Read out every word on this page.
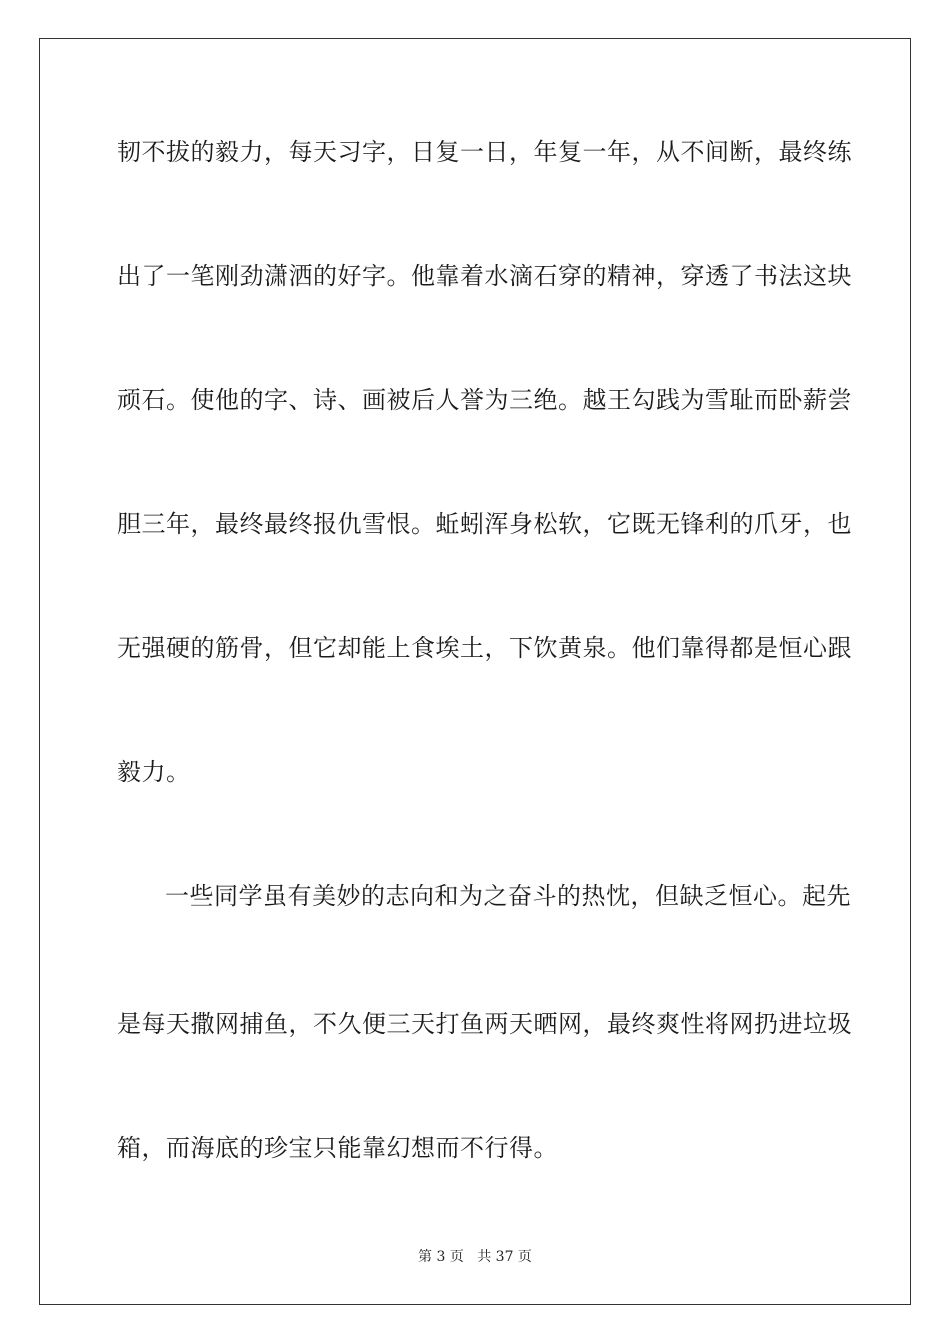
韧不拔的毅力，每天习字，日复一日，年复一年，从不间断，最终练
出了一笔刚劲潇洒的好字。他靠着水滴石穿的精神，穿透了书法这块
顽石。使他的字、诗、画被后人誉为三绝。越王勾践为雪耻而卧薪尝
胆三年，最终最终报仇雪恨。蚯蚓浑身松软，它既无锋利的爪牙，也
无强硬的筋骨，但它却能上食埃土，下饮黄泉。他们靠得都是恒心跟
毅力。
一些同学虽有美妙的志向和为之奋斗的热忱，但缺乏恒心。起先
是每天撒网捕鱼，不久便三天打鱼两天晒网，最终爽性将网扔进垃圾
箱，而海底的珍宝只能靠幻想而不行得。
第 3 页 共 37 页
